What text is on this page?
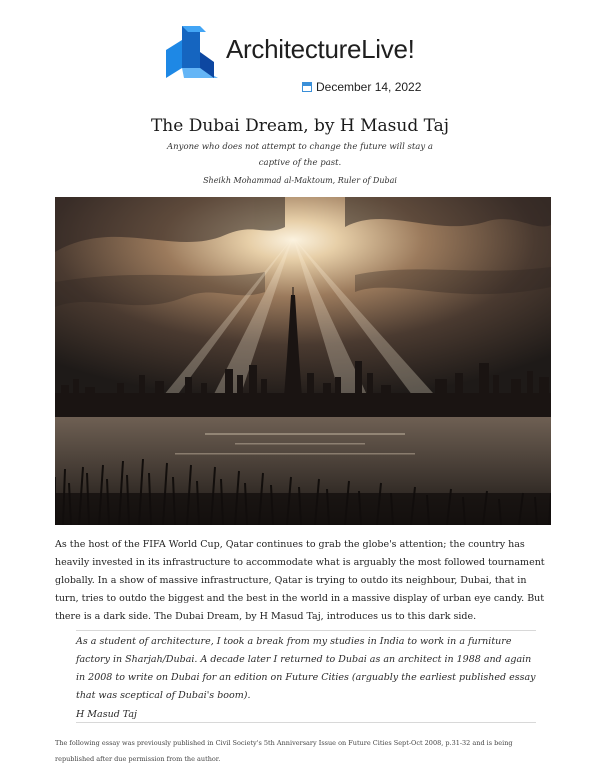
ArchitectureLive!
December 14, 2022
The Dubai Dream, by H Masud Taj
Anyone who does not attempt to change the future will stay a captive of the past.
Sheikh Mohammad al-Maktoum, Ruler of Dubai

As the host of the FIFA World Cup, Qatar continues to grab the globe's attention; the country has heavily invested in its infrastructure to accommodate what is arguably the most followed tournament globally. In a show of massive infrastructure, Qatar is trying to outdo its neighbour, Dubai, that in turn, tries to outdo the biggest and the best in the world in a massive display of urban eye candy. But there is a dark side. The Dubai Dream, by H Masud Taj, introduces us to this dark side.

As a student of architecture, I took a break from my studies in India to work in a furniture factory in Sharjah/Dubai. A decade later I returned to Dubai as an architect in 1988 and again in 2008 to write on Dubai for an edition on Future Cities (arguably the earliest published essay that was sceptical of Dubai's boom).

H Masud Taj

The following essay was previously published in Civil Society's 5th Anniversary Issue on Future Cities Sept-Oct 2008, p.31-32 and is being republished after due permission from the author.
